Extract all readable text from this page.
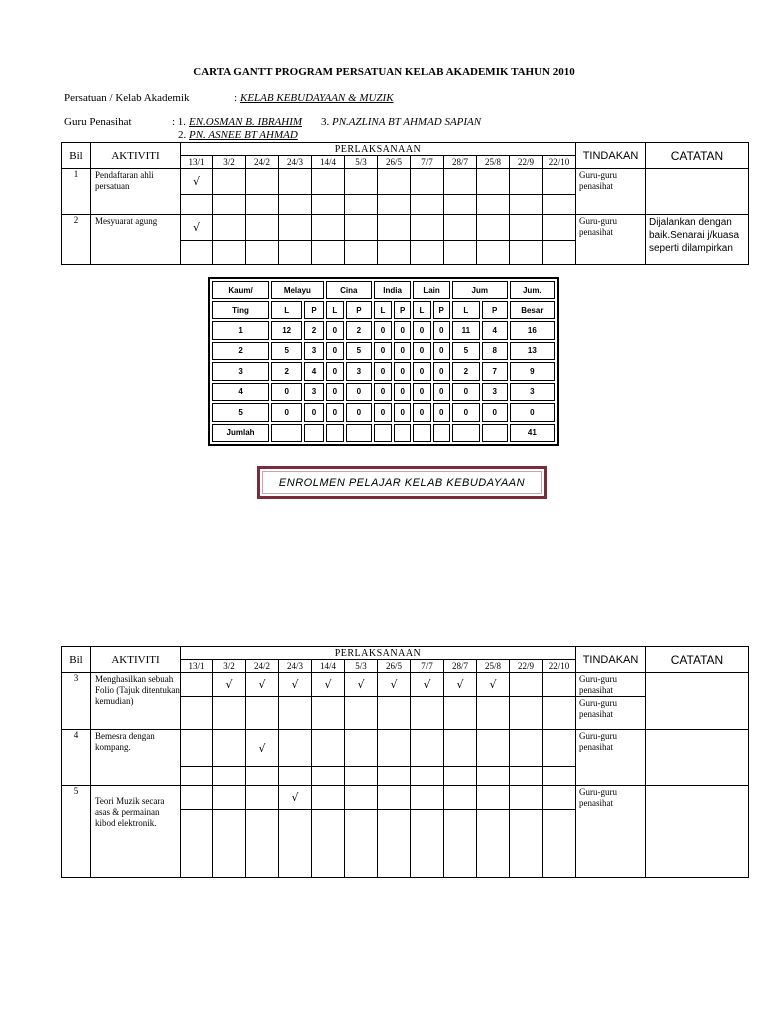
CARTA GANTT PROGRAM PERSATUAN KELAB AKADEMIK TAHUN 2010
Persatuan / Kelab Akademik	: KELAB KEBUDAYAAN & MUZIK
Guru Penasihat	: 1. EN.OSMAN B. IBRAHIM 3. PN.AZLINA BT AHMAD SAPIAN
2. PN. ASNEE BT AHMAD
Bil	AKTIVITI	PERLAKSANAAN												TINDAKAN	CATATAN
		13/1	3/2	24/2	24/3	14/4	5/3	26/5	7/7	28/7	25/8	22/9	22/10		
1	Pendaftaran ahli persatuan	√												Guru-guru penasihat	

2	Mesyuarat agung	√												Guru-guru penasihat	Dijalankan dengan baik.Senarai j/kuasa seperti dilampirkan

Kaum/	Melayu		Cina		India		Lain		Jum		Jum.
Ting	L	P	L	P	L	P	L	P	L	P	Besar
1	12	2	0	2	0	0	0	0	11	4	16
2	5	3	0	5	0	0	0	0	5	8	13
3	2	4	0	3	0	0	0	0	2	7	9
4	0	3	0	0	0	0	0	0	0	3	3
5	0	0	0	0	0	0	0	0	0	0	0
Jumlah											41
ENROLMEN PELAJAR KELAB KEBUDAYAAN
Bil	AKTIVITI	PERLAKSANAAN												TINDAKAN	CATATAN
		13/1	3/2	24/2	24/3	14/4	5/3	26/5	7/7	28/7	25/8	22/9	22/10		
3	Menghasilkan sebuah Folio (Tajuk ditentukan kemudian)		√	√	√	√	√	√	√	√	√			Guru-guru penasihat	
														Guru-guru penasihat	
4	Bemesra dengan kompang.			√										Guru-guru penasihat	

5	Teori Muzik secara asas & permainan kibod elektronik.				√									Guru-guru penasihat	
